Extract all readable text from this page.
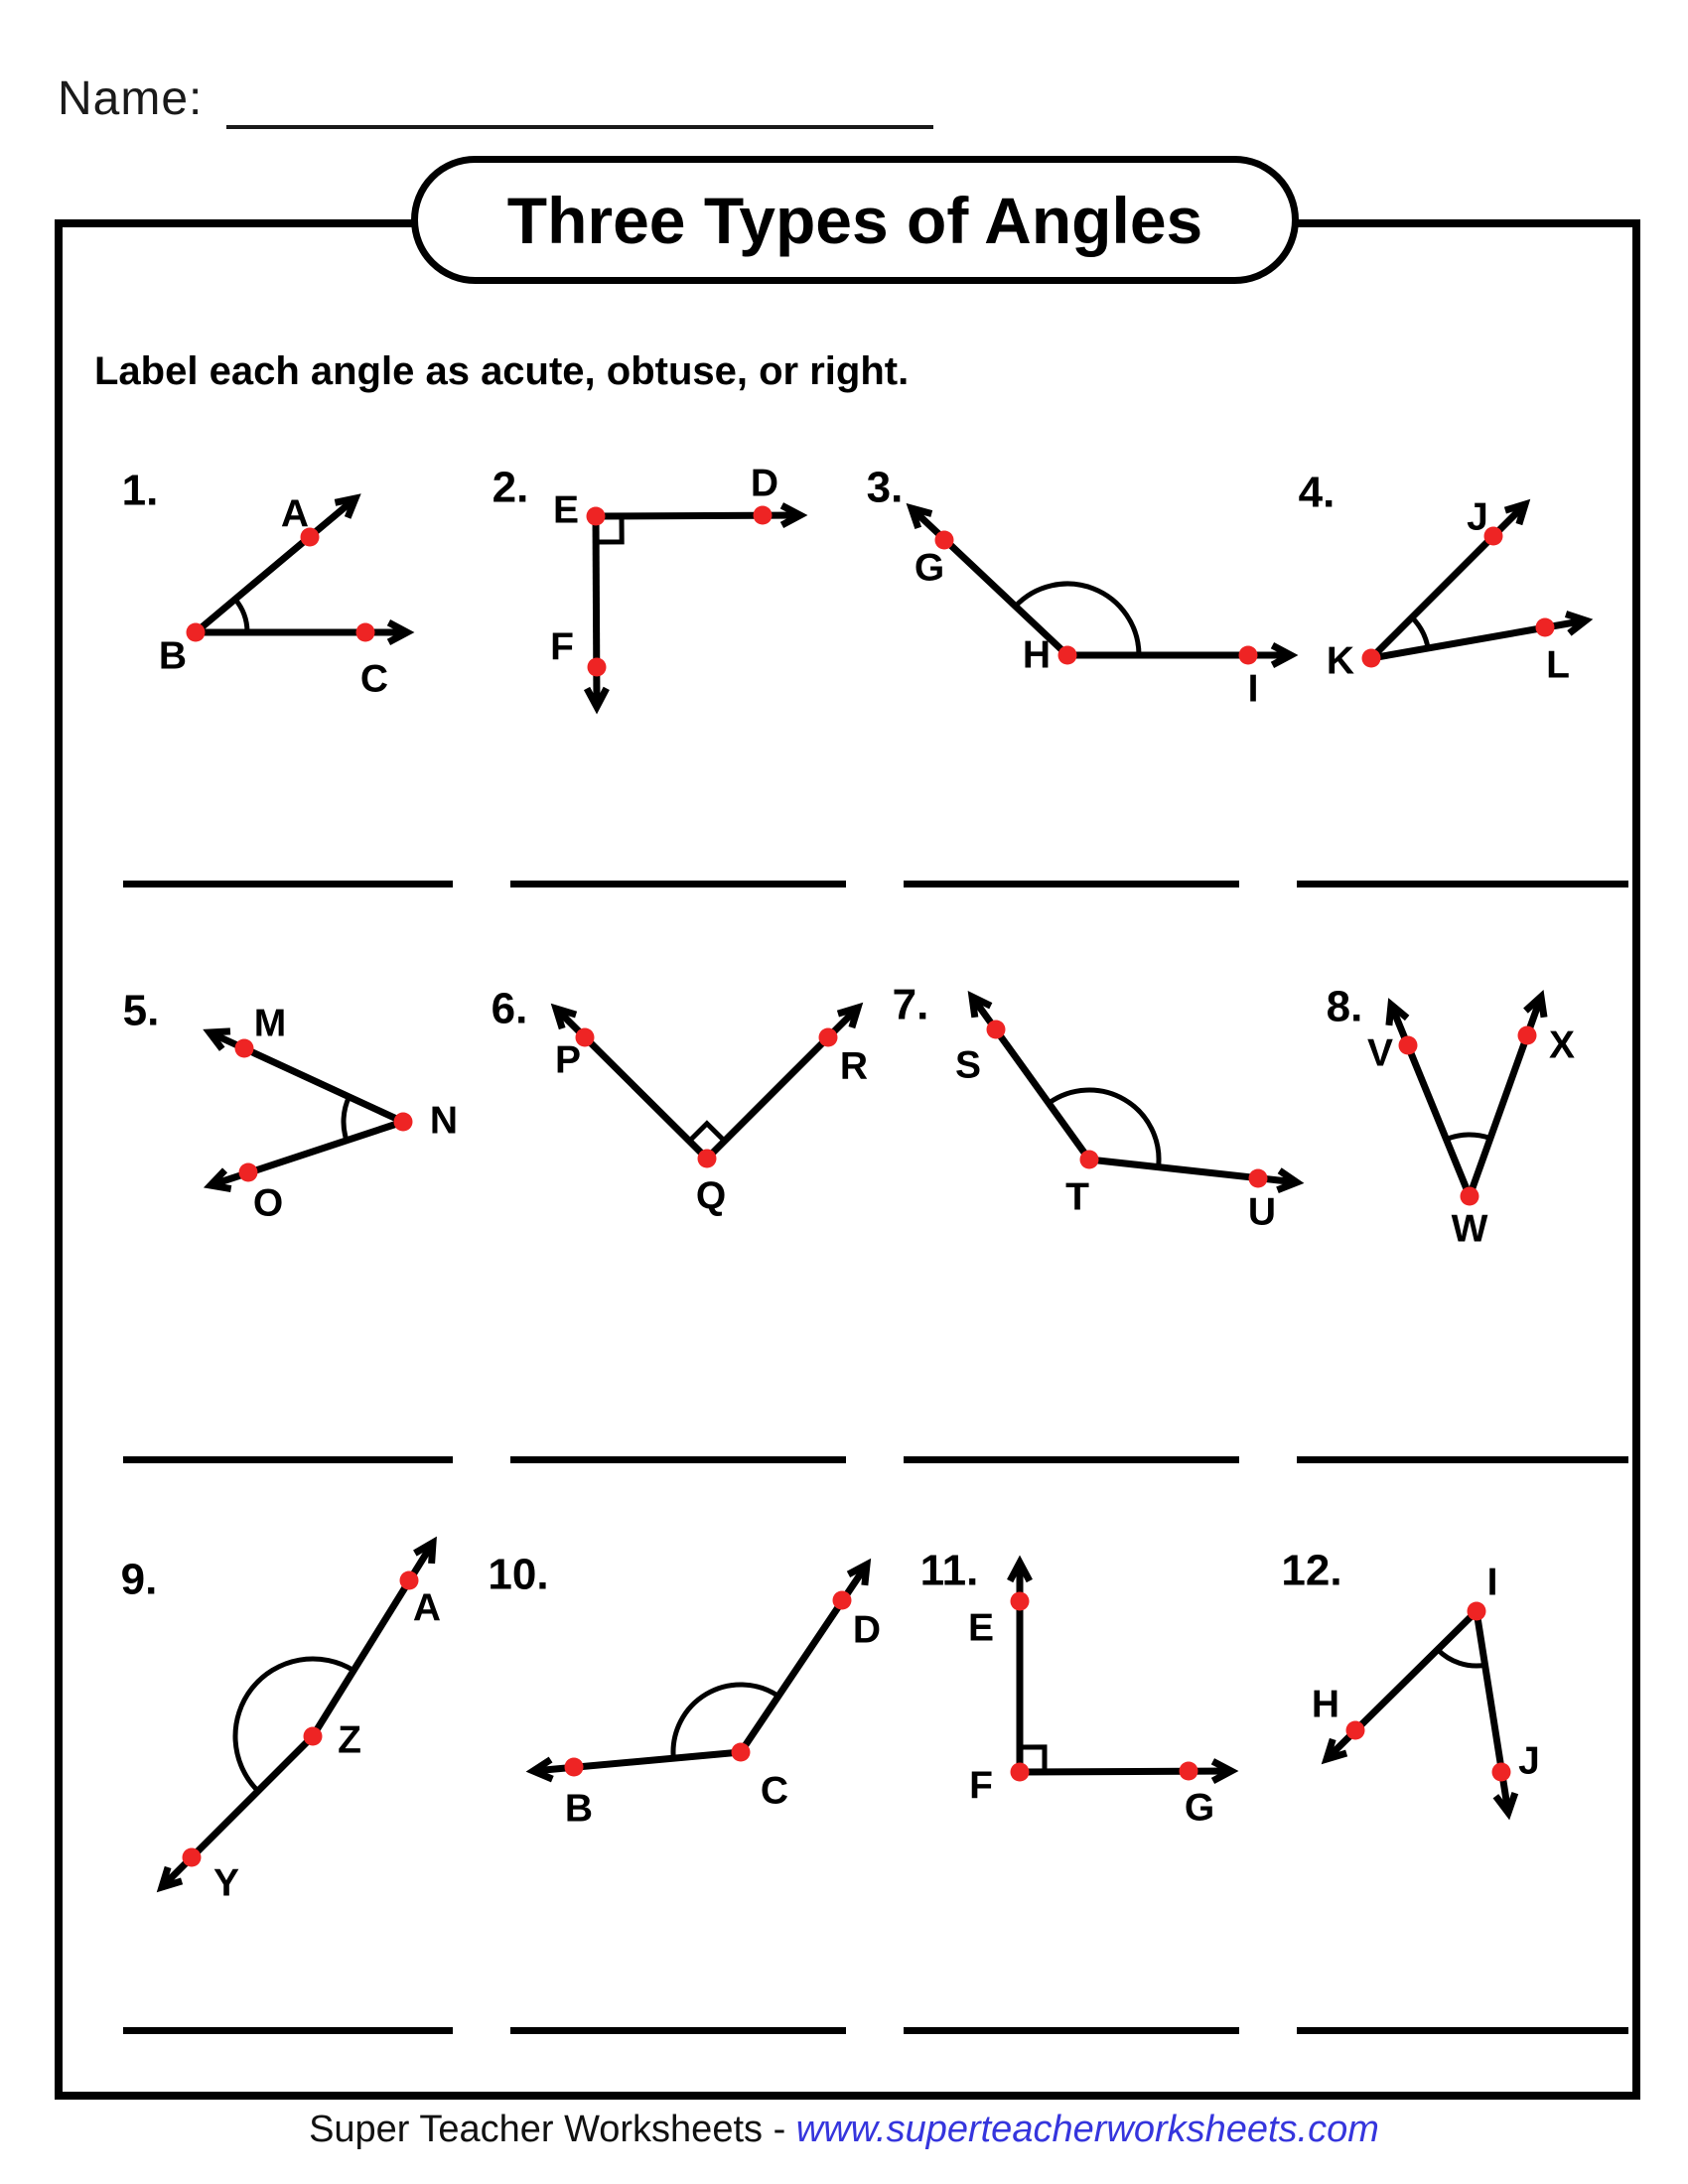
Name:
Three Types of Angles
Label each angle as acute, obtuse, or right.
1.
B
A
C
2. E
D
F
3.
H
G
I
4.
K
J
L
5.
N
M
O
6.
Q
P	R
7.
T
S
U
8.
W
V	X
9.
Z
A
Y
10.
C
D
B
11.
F
E
G
12.	I
H
J
Super Teacher Worksheets - www.superteacherworksheets.com
